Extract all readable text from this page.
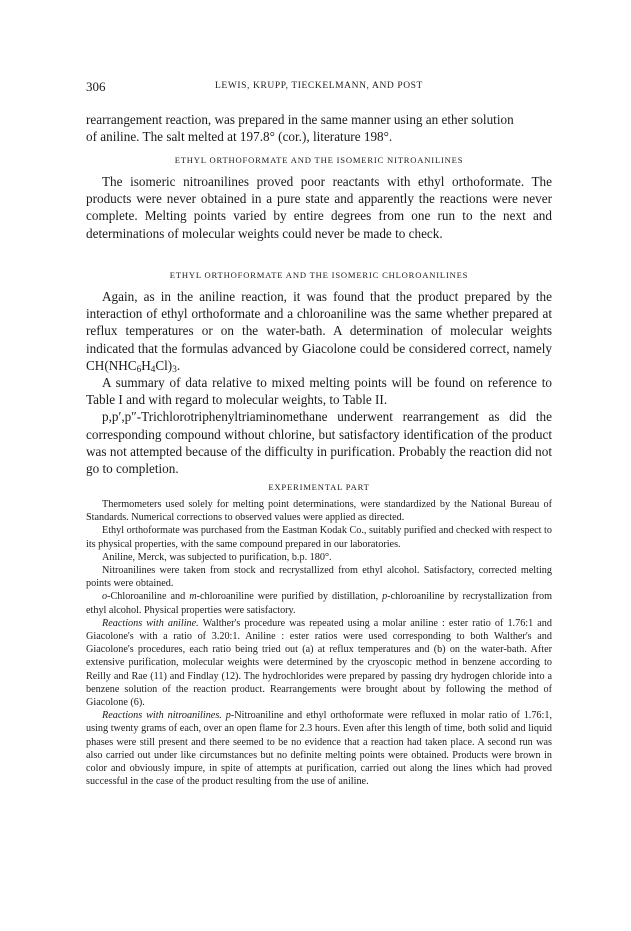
306	LEWIS, KRUPP, TIECKELMANN, AND POST

rearrangement reaction, was prepared in the same manner using an ether solution

of aniline. The salt melted at 197.8° (cor.), literature 198°.

ETHYL ORTHOFORMATE AND THE ISOMERIC NITROANILINES

The isomeric nitroanilines proved poor reactants with ethyl orthoformate. The products were never obtained in a pure state and apparently the reactions were never complete. Melting points varied by entire degrees from one run to the next and determinations of molecular weights could never be made to check.

ETHYL ORTHOFORMATE AND THE ISOMERIC CHLOROANILINES

Again, as in the aniline reaction, it was found that the product prepared by the interaction of ethyl orthoformate and a chloroaniline was the same whether prepared at reflux temperatures or on the water-bath. A determination of molecular weights indicated that the formulas advanced by Giacolone could be considered correct, namely $CH(NHC_6H_4Cl)_3$.

A summary of data relative to mixed melting points will be found on reference to Table I and with regard to molecular weights, to Table II.

p,p′,p″-Trichlorotriphenyltriaminomethane underwent rearrangement as did the corresponding compound without chlorine, but satisfactory identification of the product was not attempted because of the difficulty in purification. Probably the reaction did not go to completion.

EXPERIMENTAL PART

Thermometers used solely for melting point determinations, were standardized by the National Bureau of Standards. Numerical corrections to observed values were applied as directed.

Ethyl orthoformate was purchased from the Eastman Kodak Co., suitably purified and checked with respect to its physical properties, with the same compound prepared in our laboratories.

Aniline, Merck, was subjected to purification, b.p. 180°.

Nitroanilines were taken from stock and recrystallized from ethyl alcohol. Satisfactory, corrected melting points were obtained.

o-Chloroaniline and m-chloroaniline were purified by distillation, p-chloroaniline by recrystallization from ethyl alcohol. Physical properties were satisfactory.

Reactions with aniline. Walther's procedure was repeated using a molar aniline : ester ratio of 1.76:1 and Giacolone's with a ratio of 3.20:1. Aniline : ester ratios were used corresponding to both Walther's and Giacolone's procedures, each ratio being tried out (a) at reflux temperatures and (b) on the water-bath. After extensive purification, molecular weights were determined by the cryoscopic method in benzene according to Reilly and Rae (11) and Findlay (12). The hydrochlorides were prepared by passing dry hydrogen chloride into a benzene solution of the reaction product. Rearrangements were brought about by following the method of Giacolone (6).

Reactions with nitroanilines. p-Nitroaniline and ethyl orthoformate were refluxed in molar ratio of 1.76:1, using twenty grams of each, over an open flame for 2.3 hours. Even after this length of time, both solid and liquid phases were still present and there seemed to be no evidence that a reaction had taken place. A second run was also carried out under like circumstances but no definite melting points were obtained. Products were brown in color and obviously impure, in spite of attempts at purification, carried out along the lines which had proved successful in the case of the product resulting from the use of aniline.
